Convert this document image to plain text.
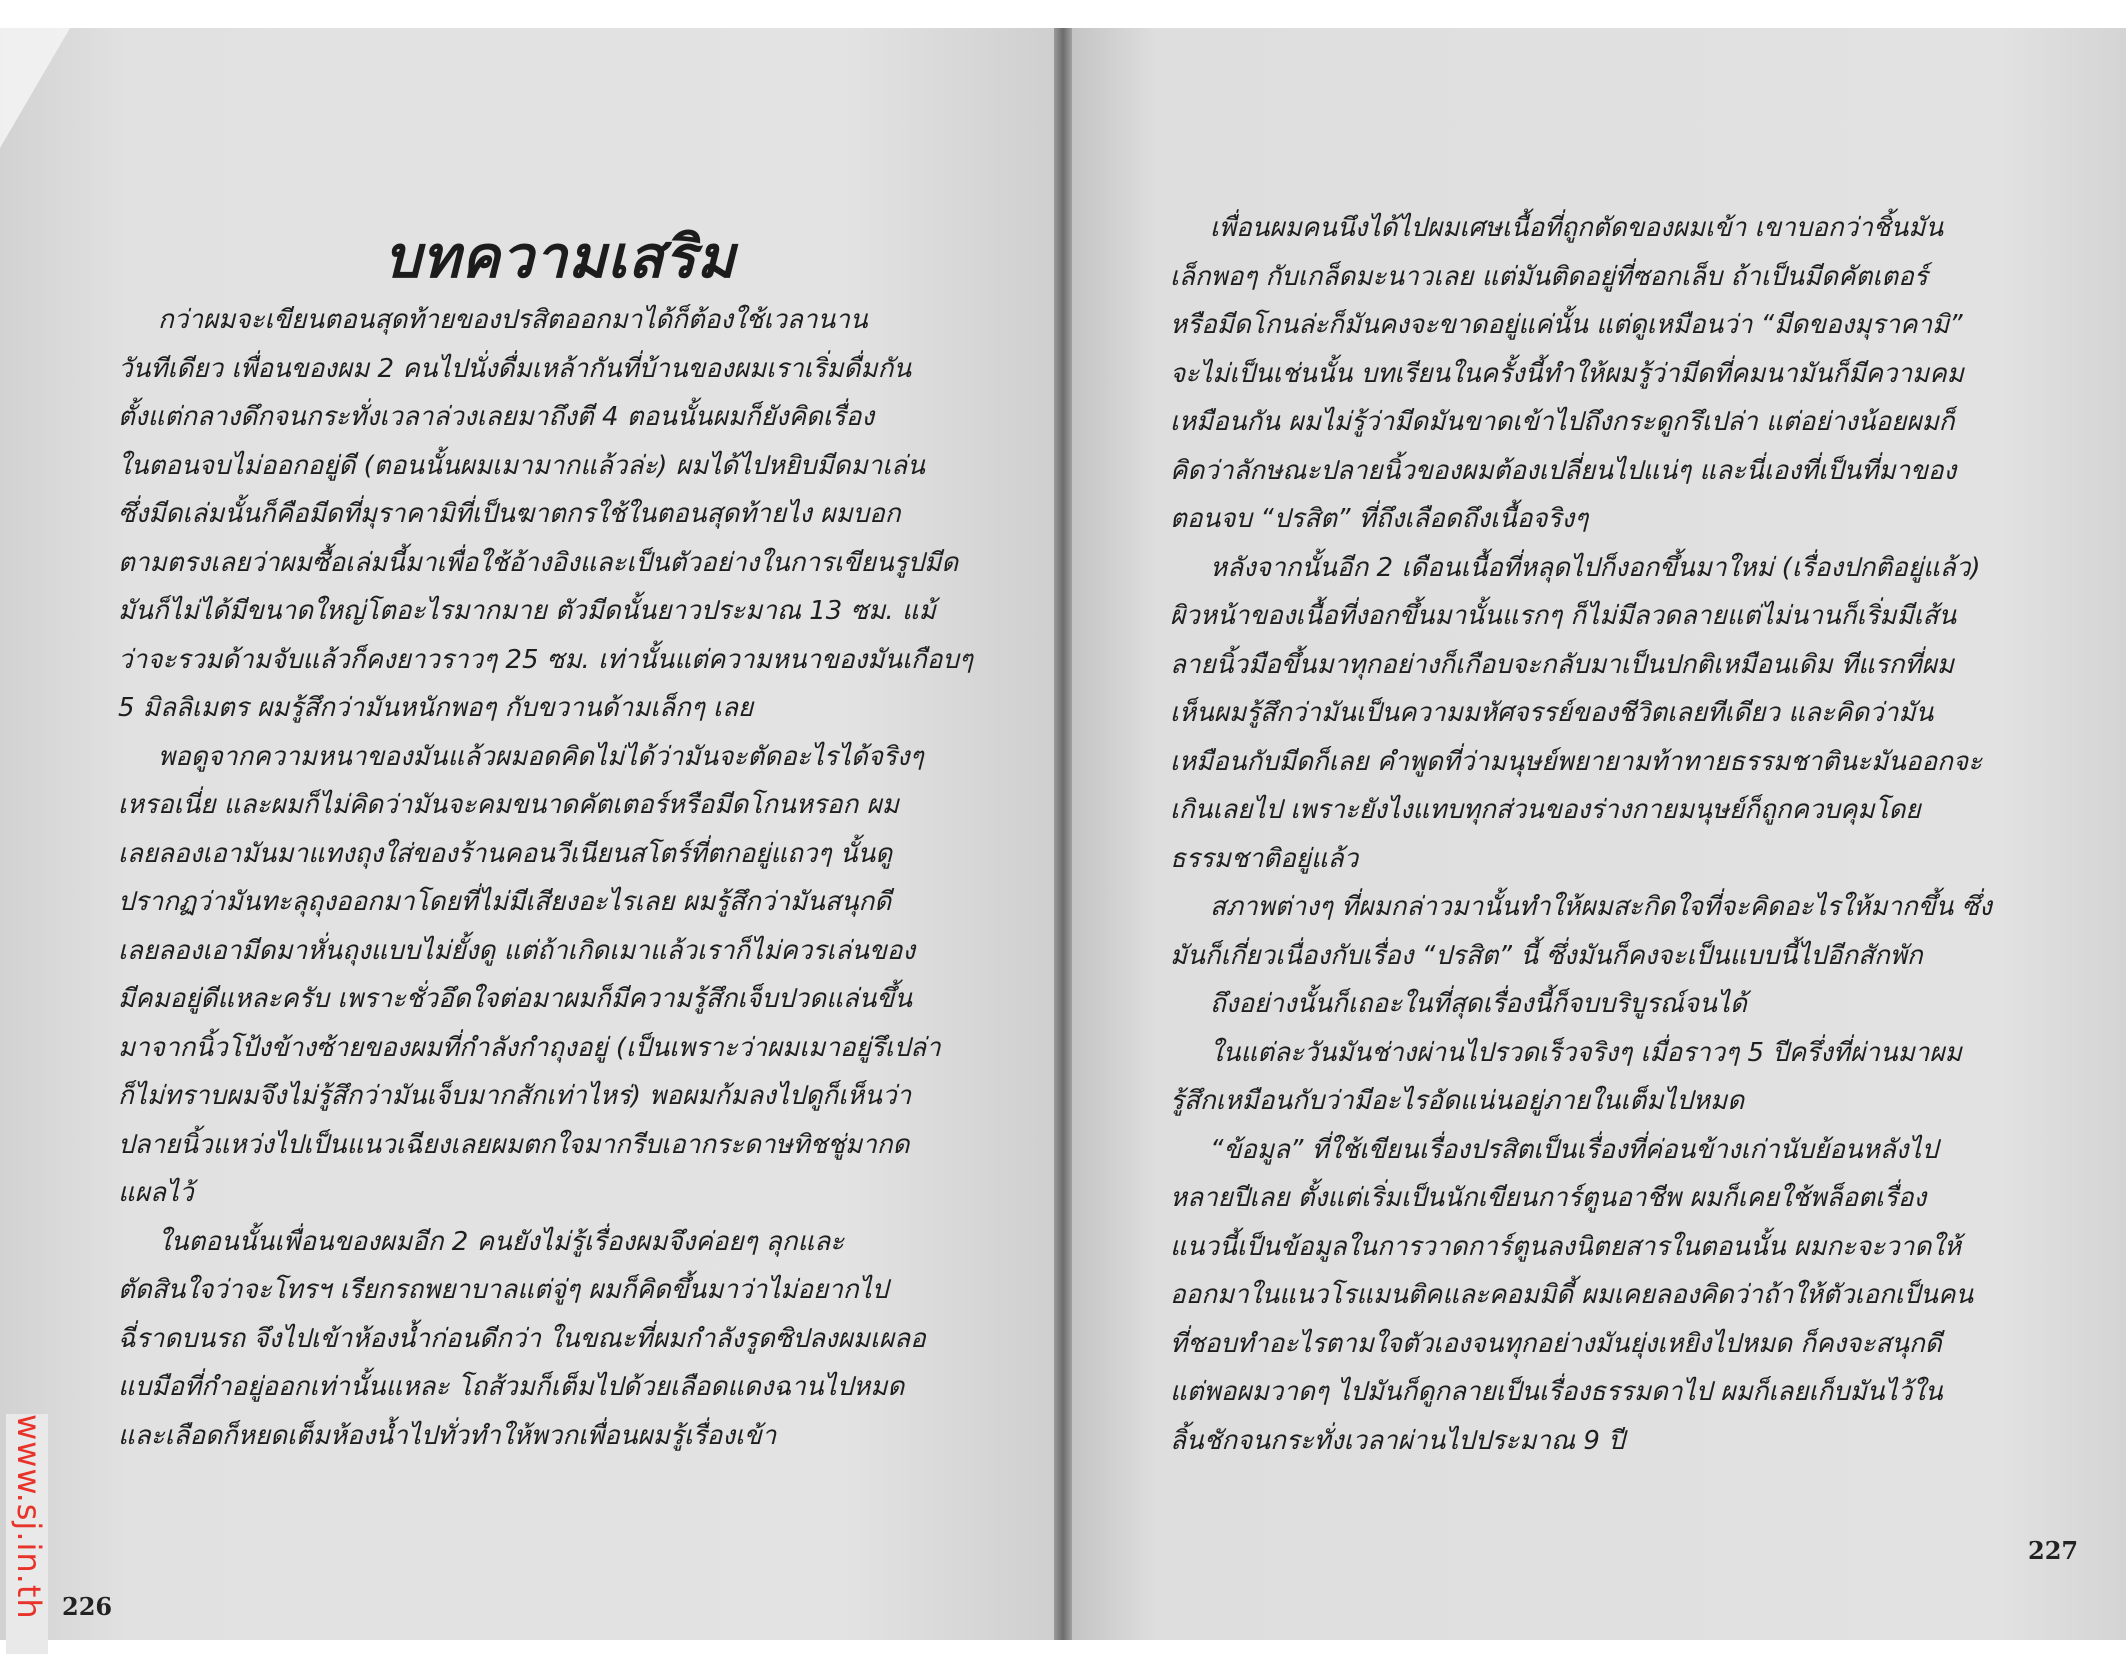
บทความเสริม
กว่าผมจะเขียนตอนสุดท้ายของปรสิตออกมาได้ก็ต้องใช้เวลานาน
วันทีเดียว เพื่อนของผม 2 คนไปนั่งดื่มเหล้ากันที่บ้านของผมเราเริ่มดื่มกัน
ตั้งแต่กลางดึกจนกระทั่งเวลาล่วงเลยมาถึงตี 4 ตอนนั้นผมก็ยังคิดเรื่อง
ในตอนจบไม่ออกอยู่ดี (ตอนนั้นผมเมามากแล้วล่ะ) ผมได้ไปหยิบมีดมาเล่น
ซึ่งมีดเล่มนั้นก็คือมีดที่มุราคามิที่เป็นฆาตกรใช้ในตอนสุดท้ายไง ผมบอก
ตามตรงเลยว่าผมซื้อเล่มนี้มาเพื่อใช้อ้างอิงและเป็นตัวอย่างในการเขียนรูปมีด
มันก็ไม่ได้มีขนาดใหญ่โตอะไรมากมาย ตัวมีดนั้นยาวประมาณ 13 ซม. แม้
ว่าจะรวมด้ามจับแล้วก็คงยาวราวๆ 25 ซม. เท่านั้นแต่ความหนาของมันเกือบๆ
5 มิลลิเมตร ผมรู้สึกว่ามันหนักพอๆ กับขวานด้ามเล็กๆ เลย
พอดูจากความหนาของมันแล้วผมอดคิดไม่ได้ว่ามันจะตัดอะไรได้จริงๆ
เหรอเนี่ย และผมก็ไม่คิดว่ามันจะคมขนาดคัตเตอร์หรือมีดโกนหรอก ผม
เลยลองเอามันมาแทงถุงใส่ของร้านคอนวีเนียนสโตร์ที่ตกอยู่แถวๆ นั้นดู
ปรากฏว่ามันทะลุถุงออกมาโดยที่ไม่มีเสียงอะไรเลย ผมรู้สึกว่ามันสนุกดี
เลยลองเอามีดมาหั่นถุงแบบไม่ยั้งดู แต่ถ้าเกิดเมาแล้วเราก็ไม่ควรเล่นของ
มีคมอยู่ดีแหละครับ เพราะชั่วอึดใจต่อมาผมก็มีความรู้สึกเจ็บปวดแล่นขึ้น
มาจากนิ้วโป้งข้างซ้ายของผมที่กำลังกำถุงอยู่ (เป็นเพราะว่าผมเมาอยู่รึเปล่า
ก็ไม่ทราบผมจึงไม่รู้สึกว่ามันเจ็บมากสักเท่าไหร่) พอผมก้มลงไปดูก็เห็นว่า
ปลายนิ้วแหว่งไปเป็นแนวเฉียงเลยผมตกใจมากรีบเอากระดาษทิชชู่มากด
แผลไว้
ในตอนนั้นเพื่อนของผมอีก 2 คนยังไม่รู้เรื่องผมจึงค่อยๆ ลุกและ
ตัดสินใจว่าจะโทรฯ เรียกรถพยาบาลแต่จู่ๆ ผมก็คิดขึ้นมาว่าไม่อยากไป
ฉี่ราดบนรถ จึงไปเข้าห้องน้ำก่อนดีกว่า ในขณะที่ผมกำลังรูดซิปลงผมเผลอ
แบมือที่กำอยู่ออกเท่านั้นแหละ โถส้วมก็เต็มไปด้วยเลือดแดงฉานไปหมด
และเลือดก็หยดเต็มห้องน้ำไปทั่วทำให้พวกเพื่อนผมรู้เรื่องเข้า

226

เพื่อนผมคนนึงได้ไปผมเศษเนื้อที่ถูกตัดของผมเข้า เขาบอกว่าชิ้นมัน
เล็กพอๆ กับเกล็ดมะนาวเลย แต่มันติดอยู่ที่ซอกเล็บ ถ้าเป็นมีดคัตเตอร์
หรือมีดโกนล่ะก็มันคงจะขาดอยู่แค่นั้น แต่ดูเหมือนว่า “มีดของมุราคามิ”
จะไม่เป็นเช่นนั้น บทเรียนในครั้งนี้ทำให้ผมรู้ว่ามีดที่คมนามันก็มีความคม
เหมือนกัน ผมไม่รู้ว่ามีดมันขาดเข้าไปถึงกระดูกรึเปล่า แต่อย่างน้อยผมก็
คิดว่าลักษณะปลายนิ้วของผมต้องเปลี่ยนไปแน่ๆ และนี่เองที่เป็นที่มาของ
ตอนจบ “ปรสิต” ที่ถึงเลือดถึงเนื้อจริงๆ
หลังจากนั้นอีก 2 เดือนเนื้อที่หลุดไปก็งอกขึ้นมาใหม่ (เรื่องปกติอยู่แล้ว)
ผิวหน้าของเนื้อที่งอกขึ้นมานั้นแรกๆ ก็ไม่มีลวดลายแต่ไม่นานก็เริ่มมีเส้น
ลายนิ้วมือขึ้นมาทุกอย่างก็เกือบจะกลับมาเป็นปกติเหมือนเดิม ทีแรกที่ผม
เห็นผมรู้สึกว่ามันเป็นความมหัศจรรย์ของชีวิตเลยทีเดียว และคิดว่ามัน
เหมือนกับมีดก็เลย คำพูดที่ว่ามนุษย์พยายามท้าทายธรรมชาตินะมันออกจะ
เกินเลยไป เพราะยังไงแทบทุกส่วนของร่างกายมนุษย์ก็ถูกควบคุมโดย
ธรรมชาติอยู่แล้ว
สภาพต่างๆ ที่ผมกล่าวมานั้นทำให้ผมสะกิดใจที่จะคิดอะไรให้มากขึ้น ซึ่ง
มันก็เกี่ยวเนื่องกับเรื่อง “ปรสิต” นี้ ซึ่งมันก็คงจะเป็นแบบนี้ไปอีกสักพัก
ถึงอย่างนั้นก็เถอะในที่สุดเรื่องนี้ก็จบบริบูรณ์จนได้
ในแต่ละวันมันช่างผ่านไปรวดเร็วจริงๆ เมื่อราวๆ 5 ปีครึ่งที่ผ่านมาผม
รู้สึกเหมือนกับว่ามีอะไรอัดแน่นอยู่ภายในเต็มไปหมด
“ข้อมูล” ที่ใช้เขียนเรื่องปรสิตเป็นเรื่องที่ค่อนข้างเก่านับย้อนหลังไป
หลายปีเลย ตั้งแต่เริ่มเป็นนักเขียนการ์ตูนอาชีพ ผมก็เคยใช้พล็อตเรื่อง
แนวนี้เป็นข้อมูลในการวาดการ์ตูนลงนิตยสารในตอนนั้น ผมกะจะวาดให้
ออกมาในแนวโรแมนติคและคอมมิดี้ ผมเคยลองคิดว่าถ้าให้ตัวเอกเป็นคน
ที่ชอบทำอะไรตามใจตัวเองจนทุกอย่างมันยุ่งเหยิงไปหมด ก็คงจะสนุกดี
แต่พอผมวาดๆ ไปมันก็ดูกลายเป็นเรื่องธรรมดาไป ผมก็เลยเก็บมันไว้ใน
ลิ้นชักจนกระทั่งเวลาผ่านไปประมาณ 9 ปี

227

www.sj.in.th
